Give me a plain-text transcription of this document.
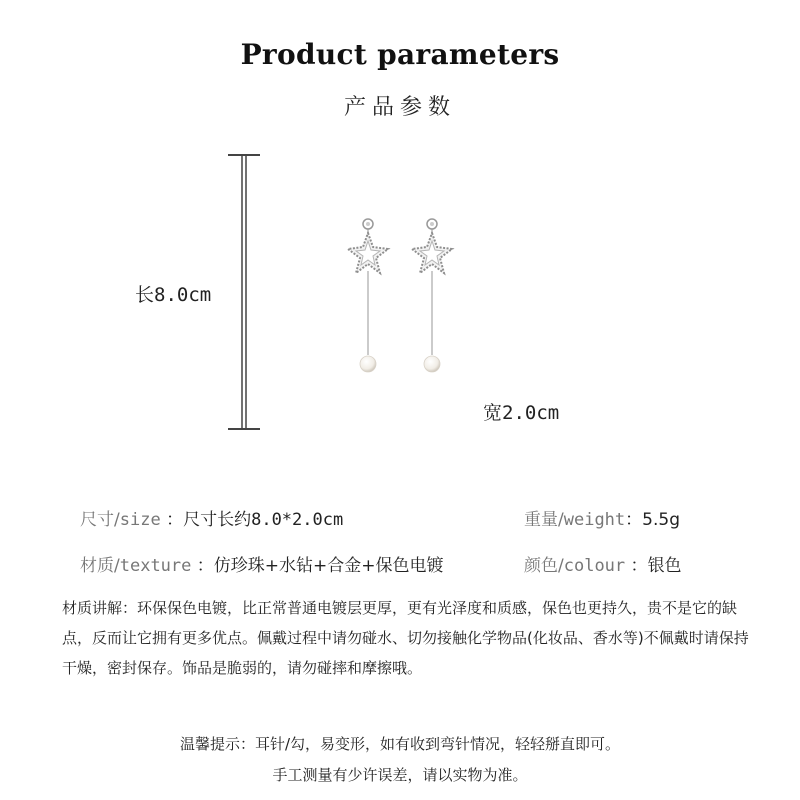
Product parameters
产品参数
长8.0cm
宽2.0cm
尺寸/size ：尺寸长约8.0*2.0cm	重量/weight：5.5g
材质/texture ：仿珍珠+水钻+合金+保色电镀	颜色/colour ：银色
材质讲解：环保保色电镀，比正常普通电镀层更厚，更有光泽度和质感，保色也更持久，贵不是它的缺点，反而让它拥有更多优点。佩戴过程中请勿碰水、切勿接触化学物品(化妆品、香水等)不佩戴时请保持干燥，密封保存。饰品是脆弱的，请勿碰摔和摩擦哦。
温馨提示：耳针/勾，易变形，如有收到弯针情况，轻轻掰直即可。
手工测量有少许误差，请以实物为准。
